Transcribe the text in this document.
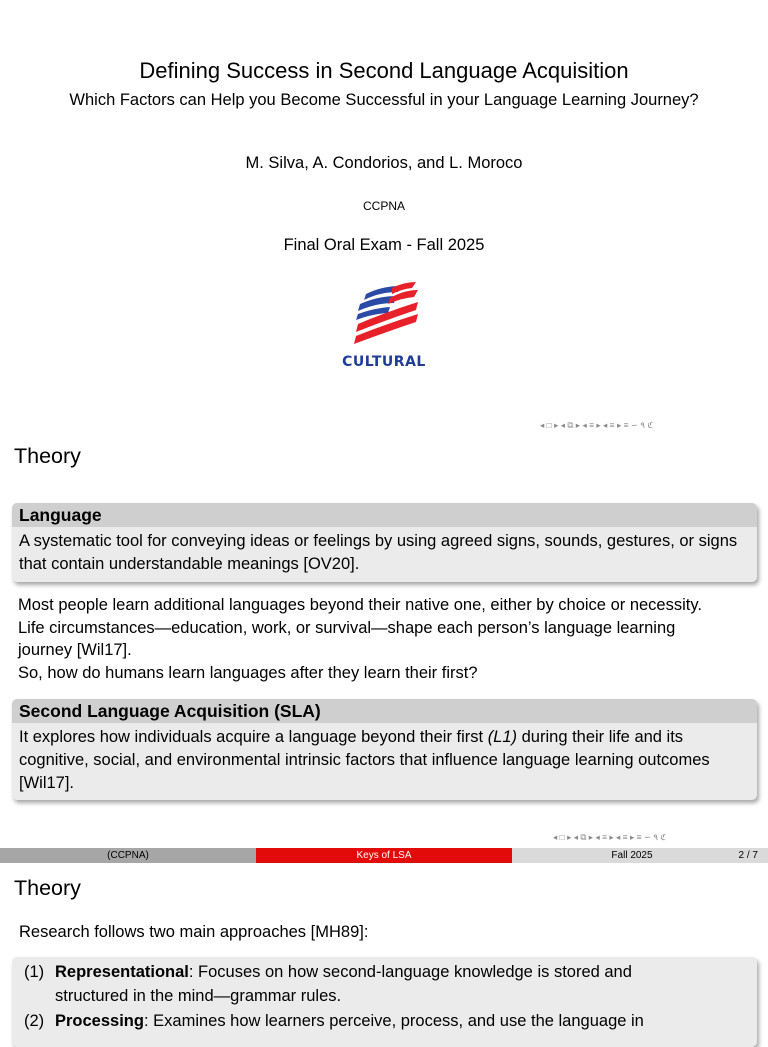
Defining Success in Second Language Acquisition
Which Factors can Help you Become Successful in your Language Learning Journey?
M. Silva, A. Condorios, and L. Moroco
CCPNA
Final Oral Exam - Fall 2025
CULTURAL
◂ □ ▸ ◂ ⧉ ▸ ◂ ≡ ▸ ◂ ≡ ▸ ≡ ∽ ۹ ℭ
Theory
Language
A systematic tool for conveying ideas or feelings by using agreed signs, sounds, gestures, or signs that contain understandable meanings [OV20].
Most people learn additional languages beyond their native one, either by choice or necessity.
Life circumstances—education, work, or survival—shape each person’s language learning
journey [Wil17].
So, how do humans learn languages after they learn their first?
Second Language Acquisition (SLA)
It explores how individuals acquire a language beyond their first (L1) during their life and its cognitive, social, and environmental intrinsic factors that influence language learning outcomes [Wil17].
◂ □ ▸ ◂ ⧉ ▸ ◂ ≡ ▸ ◂ ≡ ▸ ≡ ∽ ۹ ℭ
(CCPNA)	Keys of LSA	Fall 2025	2 / 7
Theory
Research follows two main approaches [MH89]:
(1) Representational: Focuses on how second-language knowledge is stored and
structured in the mind—grammar rules.
(2) Processing: Examines how learners perceive, process, and use the language in
